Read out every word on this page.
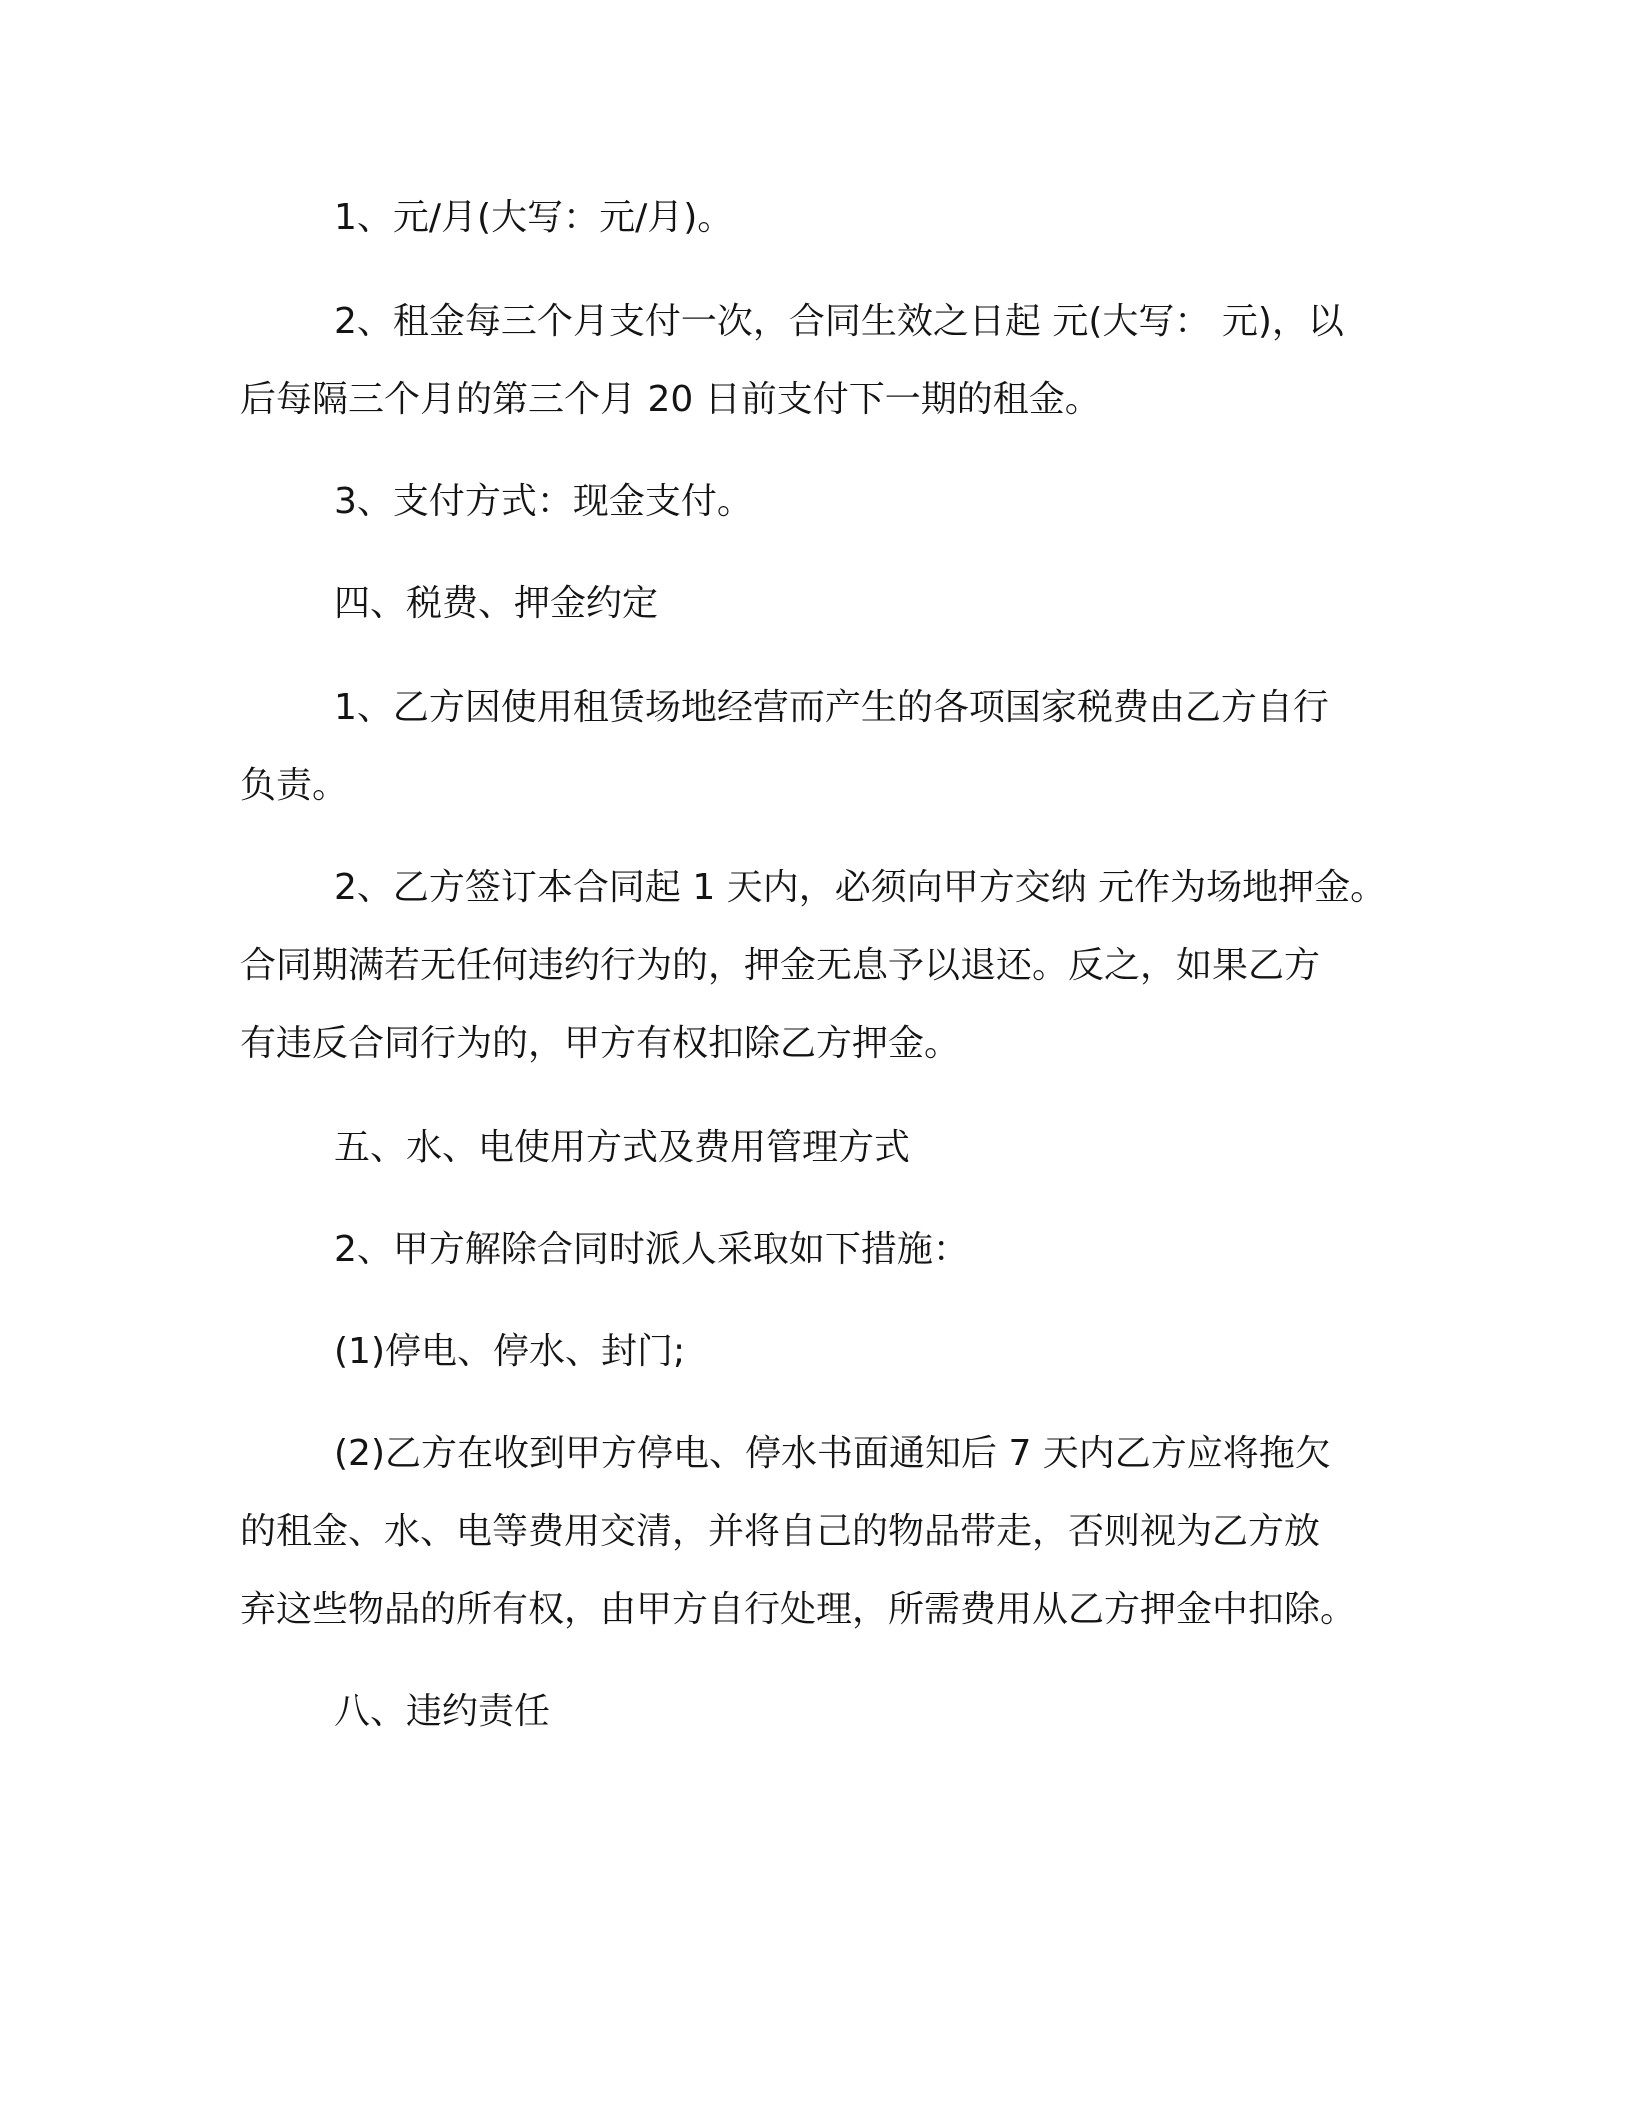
1、元/月(大写：元/月)。
2、租金每三个月支付一次，合同生效之日起 元(大写： 元)，以
后每隔三个月的第三个月 20 日前支付下一期的租金。
3、支付方式：现金支付。
四、税费、押金约定
1、乙方因使用租赁场地经营而产生的各项国家税费由乙方自行
负责。
2、乙方签订本合同起 1 天内，必须向甲方交纳 元作为场地押金。
合同期满若无任何违约行为的，押金无息予以退还。反之，如果乙方
有违反合同行为的，甲方有权扣除乙方押金。
五、水、电使用方式及费用管理方式
2、甲方解除合同时派人采取如下措施：
(1)停电、停水、封门;
(2)乙方在收到甲方停电、停水书面通知后 7 天内乙方应将拖欠
的租金、水、电等费用交清，并将自己的物品带走，否则视为乙方放
弃这些物品的所有权，由甲方自行处理，所需费用从乙方押金中扣除。
八、违约责任
